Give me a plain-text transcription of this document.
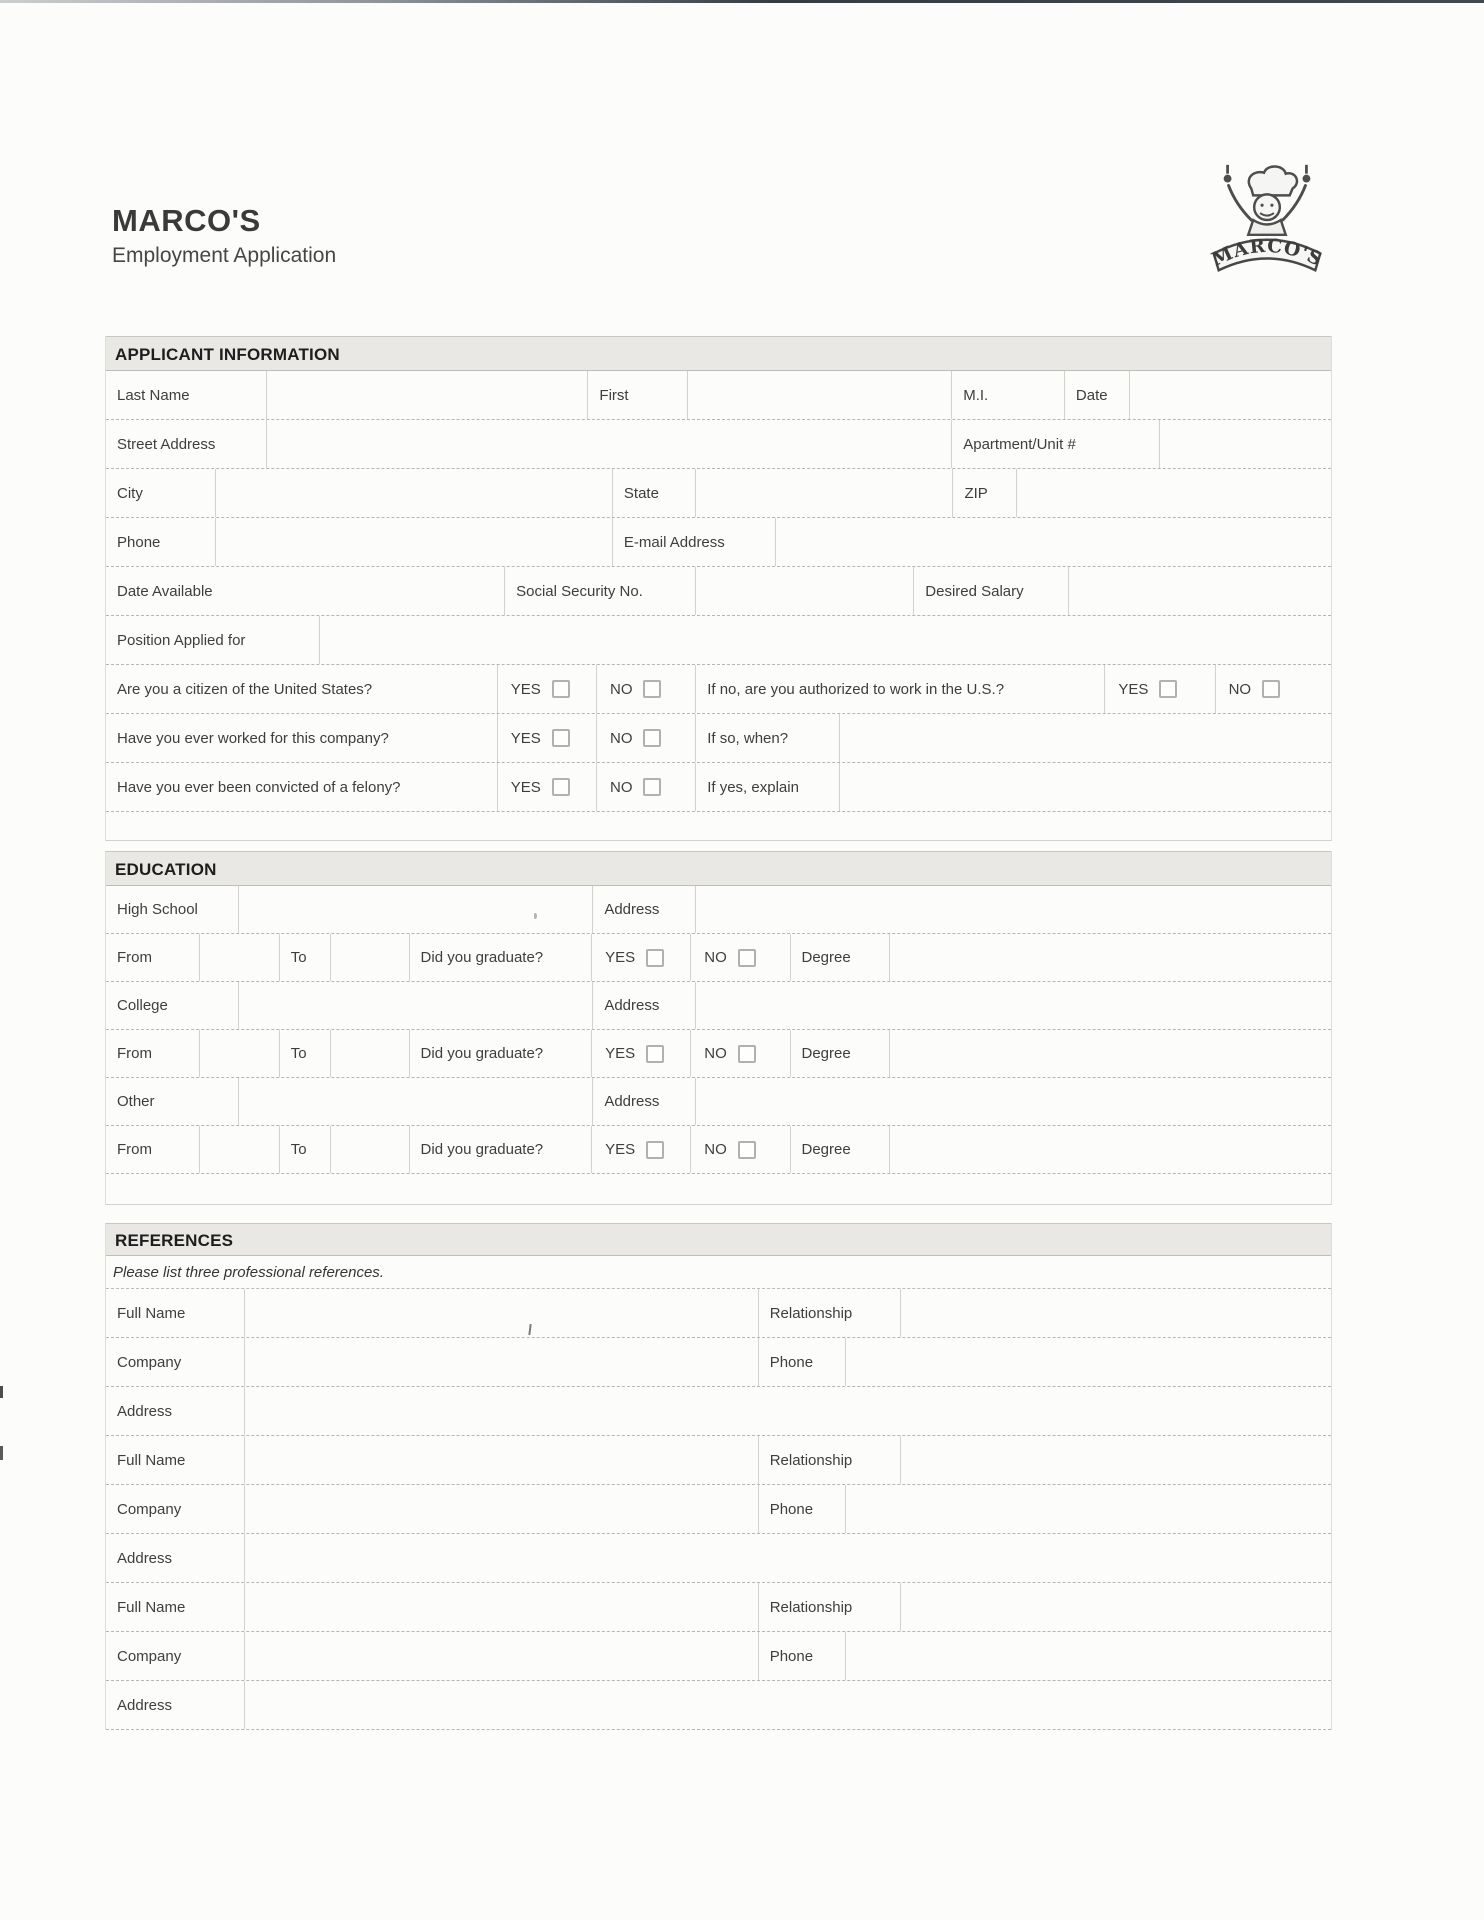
MARCO'S
Employment Application	MARCO'S
APPLICANT INFORMATION
Last Name	First	M.I.	Date
Street Address	Apartment/Unit #
City	State	ZIP
Phone	E-mail Address
Date Available	Social Security No.	Desired Salary
Position Applied for
Are you a citizen of the United States?	YES	NO	If no, are you authorized to work in the U.S.?	YES	NO
Have you ever worked for this company?	YES	NO	If so, when?
Have you ever been convicted of a felony?	YES	NO	If yes, explain
EDUCATION
High School	Address
From	To	Did you graduate?	YES	NO	Degree
College	Address
From	To	Did you graduate?	YES	NO	Degree
Other	Address
From	To	Did you graduate?	YES	NO	Degree
REFERENCES
Please list three professional references.
Full Name	Relationship
Company	Phone
Address
Full Name	Relationship
Company	Phone
Address
Full Name	Relationship
Company	Phone
Address
